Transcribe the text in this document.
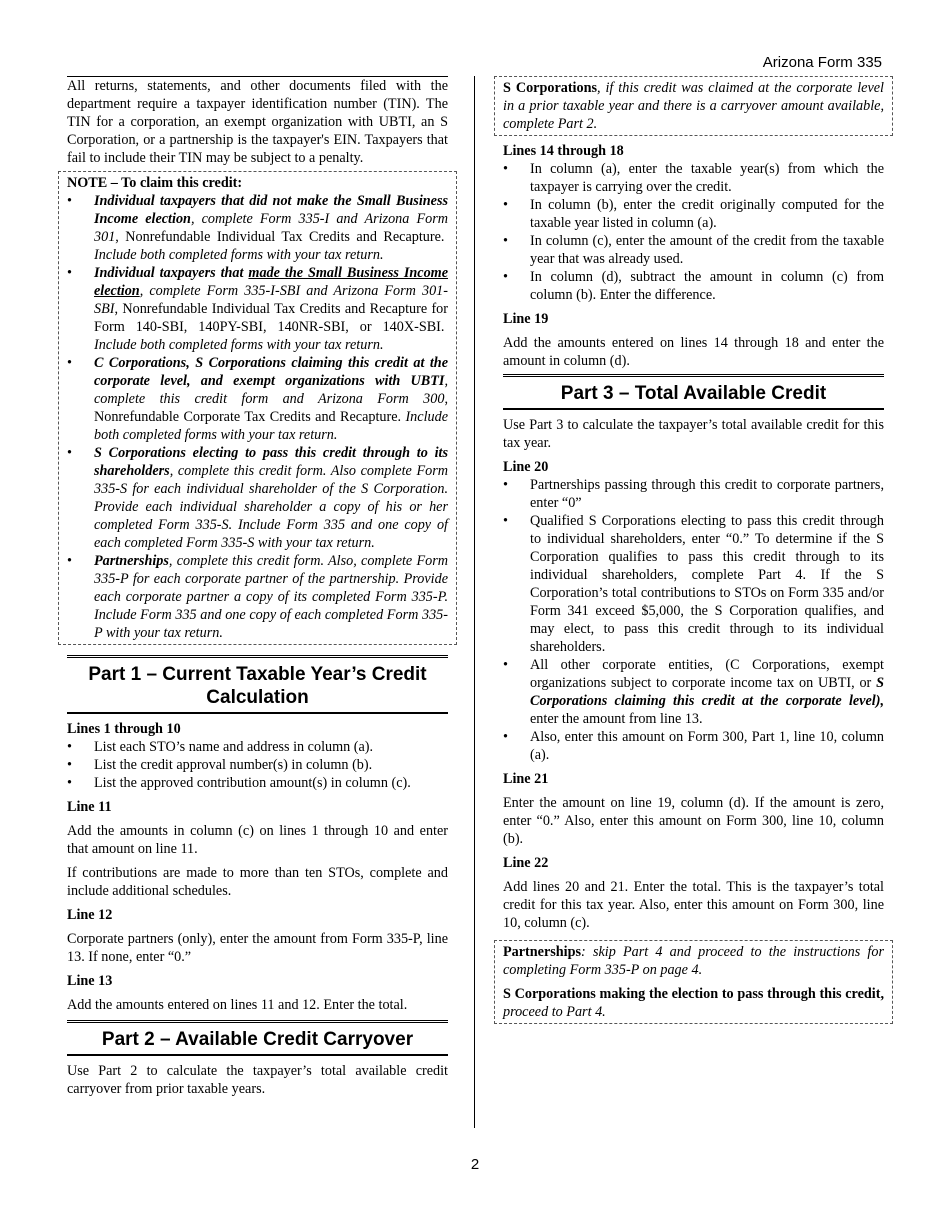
Arizona Form 335

All returns, statements, and other documents filed with the department require a taxpayer identification number (TIN). The TIN for a corporation, an exempt organization with UBTI, an S Corporation, or a partnership is the taxpayer's EIN. Taxpayers that fail to include their TIN may be subject to a penalty.

NOTE – To claim this credit:

• Individual taxpayers that did not make the Small Business Income election, complete Form 335-I and Arizona Form 301, Nonrefundable Individual Tax Credits and Recapture.  Include both completed forms with your tax return.
• Individual taxpayers that made the Small Business Income election, complete Form 335-I-SBI and Arizona Form 301-SBI, Nonrefundable Individual Tax Credits and Recapture for Form 140-SBI, 140PY-SBI, 140NR-SBI, or 140X-SBI.  Include both completed forms with your tax return.
• C Corporations, S Corporations claiming this credit at the corporate level, and exempt organizations with UBTI, complete this credit form and Arizona Form 300, Nonrefundable Corporate Tax Credits and Recapture. Include both completed forms with your tax return.
• S Corporations electing to pass this credit through to its shareholders, complete this credit form. Also complete Form 335-S for each individual shareholder of the S Corporation. Provide each individual shareholder a copy of his or her completed Form 335-S. Include Form 335 and one copy of each completed Form 335-S with your tax return.
• Partnerships, complete this credit form. Also, complete Form 335-P for each corporate partner of the partnership. Provide each corporate partner a copy of its completed Form 335-P. Include Form 335 and one copy of each completed Form 335-P with your tax return.
Part 1 – Current Taxable Year’s Credit Calculation
Lines 1 through 10
• List each STO’s name and address in column (a).
• List the credit approval number(s) in column (b).
• List the approved contribution amount(s) in column (c).
Line 11

Add the amounts in column (c) on lines 1 through 10 and enter that amount on line 11.

If contributions are made to more than ten STOs, complete and include additional schedules.

Line 12

Corporate partners (only), enter the amount from Form 335-P, line 13. If none, enter “0.”

Line 13

Add the amounts entered on lines 11 and 12. Enter the total.

Part 2 – Available Credit Carryover

Use Part 2 to calculate the taxpayer’s total available credit carryover from prior taxable years.

S Corporations, if this credit was claimed at the corporate level in a prior taxable year and there is a carryover amount available, complete Part 2.

Lines 14 through 18
• In column (a), enter the taxable year(s) from which the taxpayer is carrying over the credit.
• In column (b), enter the credit originally computed for the taxable year listed in column (a).
• In column (c), enter the amount of the credit from the taxable year that was already used.
• In column (d), subtract the amount in column (c) from column (b). Enter the difference.
Line 19

Add the amounts entered on lines 14 through 18 and enter the amount in column (d).

Part 3 – Total Available Credit

Use Part 3 to calculate the taxpayer’s total available credit for this tax year.

Line 20
• Partnerships passing through this credit to corporate partners, enter “0”
• Qualified S Corporations electing to pass this credit through to individual shareholders, enter “0.” To determine if the S Corporation qualifies to pass this credit through to its individual shareholders, complete Part 4. If the S Corporation’s total contributions to STOs on Form 335 and/or Form 341 exceed $5,000, the S Corporation qualifies, and may elect, to pass this credit through to its individual shareholders.
• All other corporate entities, (C Corporations, exempt organizations subject to corporate income tax on UBTI, or S Corporations claiming this credit at the corporate level), enter the amount from line 13.
• Also, enter this amount on Form 300, Part 1, line 10, column (a).
Line 21

Enter the amount on line 19, column (d). If the amount is zero, enter “0.” Also, enter this amount on Form 300, line 10, column (b).

Line 22

Add lines 20 and 21. Enter the total. This is the taxpayer’s total credit for this tax year. Also, enter this amount on Form 300, line 10, column (c).

Partnerships: skip Part 4 and proceed to the instructions for completing Form 335-P on page 4.

S Corporations making the election to pass through this credit, proceed to Part 4.

2
